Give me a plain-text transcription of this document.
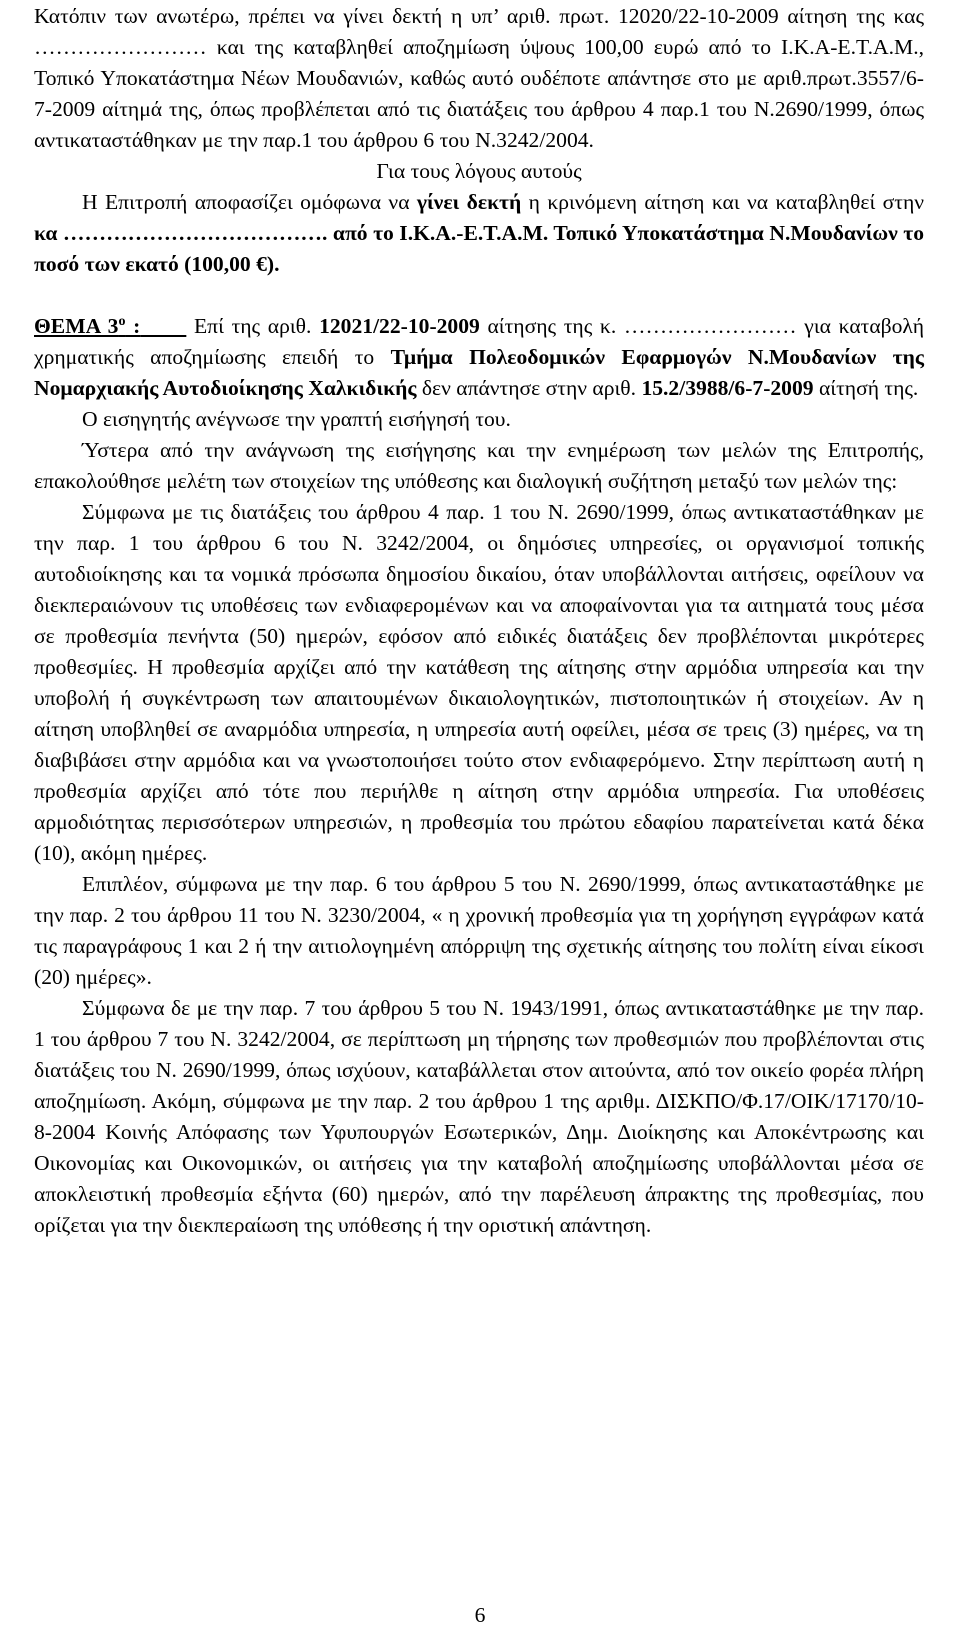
Κατόπιν των ανωτέρω, πρέπει να γίνει δεκτή η υπ’ αριθ. πρωτ. 12020/22-10-2009 αίτηση της κας …………………… και της καταβληθεί αποζημίωση ύψους 100,00 ευρώ από το Ι.Κ.Α-Ε.Τ.Α.Μ., Τοπικό Υποκατάστημα Νέων Μουδανιών, καθώς αυτό ουδέποτε απάντησε στο με αριθ.πρωτ.3557/6-7-2009 αίτημά της, όπως προβλέπεται από τις διατάξεις του άρθρου 4 παρ.1 του Ν.2690/1999, όπως αντικαταστάθηκαν με την παρ.1 του άρθρου 6 του Ν.3242/2004.

Για τους λόγους αυτούς

Η Επιτροπή αποφασίζει ομόφωνα να γίνει δεκτή η κρινόμενη αίτηση και να καταβληθεί στην κα ………………………………. από το Ι.Κ.Α.-Ε.Τ.Α.Μ. Τοπικό Υποκατάστημα Ν.Μουδανίων το ποσό των εκατό (100,00 €).

ΘΕΜΑ $3^o$ :       Επί της αριθ. 12021/22-10-2009 αίτησης της κ. …………………… για καταβολή χρηματικής αποζημίωσης επειδή το Τμήμα Πολεοδομικών Εφαρμογών Ν.Μουδανίων της Νομαρχιακής Αυτοδιοίκησης Χαλκιδικής δεν απάντησε στην αριθ. 15.2/3988/6-7-2009 αίτησή της.

Ο εισηγητής ανέγνωσε την γραπτή εισήγησή του.

Ύστερα από την ανάγνωση της εισήγησης και την ενημέρωση των μελών της Επιτροπής, επακολούθησε μελέτη των στοιχείων της υπόθεσης και διαλογική συζήτηση μεταξύ των μελών της:

Σύμφωνα με τις διατάξεις του άρθρου 4 παρ. 1 του Ν. 2690/1999, όπως αντικαταστάθηκαν με την παρ. 1 του άρθρου 6 του Ν. 3242/2004, οι δημόσιες υπηρεσίες, οι οργανισμοί τοπικής αυτοδιοίκησης και τα νομικά πρόσωπα δημοσίου δικαίου, όταν υποβάλλονται αιτήσεις, οφείλουν να διεκπεραιώνουν τις υποθέσεις των ενδιαφερομένων και να αποφαίνονται για τα αιτηματά τους μέσα σε προθεσμία πενήντα (50) ημερών, εφόσον από ειδικές διατάξεις δεν προβλέπονται μικρότερες προθεσμίες. Η προθεσμία αρχίζει από την κατάθεση της αίτησης στην αρμόδια υπηρεσία και την υποβολή ή συγκέντρωση των απαιτουμένων δικαιολογητικών, πιστοποιητικών ή στοιχείων. Αν η αίτηση υποβληθεί σε αναρμόδια υπηρεσία, η υπηρεσία αυτή οφείλει, μέσα σε τρεις (3) ημέρες, να τη διαβιβάσει στην αρμόδια και να γνωστοποιήσει τούτο στον ενδιαφερόμενο. Στην περίπτωση αυτή η προθεσμία αρχίζει από τότε που περιήλθε η αίτηση στην αρμόδια υπηρεσία. Για υποθέσεις αρμοδιότητας περισσότερων υπηρεσιών, η προθεσμία του πρώτου εδαφίου παρατείνεται κατά δέκα (10), ακόμη ημέρες.

Επιπλέον, σύμφωνα με την παρ. 6 του άρθρου 5 του Ν. 2690/1999, όπως αντικαταστάθηκε με την παρ. 2 του άρθρου 11 του Ν. 3230/2004, « η χρονική προθεσμία για τη χορήγηση εγγράφων κατά τις παραγράφους 1 και 2 ή την αιτιολογημένη απόρριψη της σχετικής αίτησης του πολίτη είναι είκοσι (20) ημέρες».

Σύμφωνα δε με την παρ. 7 του άρθρου 5 του Ν. 1943/1991, όπως αντικαταστάθηκε με την παρ. 1 του άρθρου 7 του Ν. 3242/2004, σε περίπτωση μη τήρησης των προθεσμιών που προβλέπονται στις διατάξεις του Ν. 2690/1999, όπως ισχύουν, καταβάλλεται στον αιτούντα, από τον οικείο φορέα πλήρη αποζημίωση. Ακόμη, σύμφωνα με την παρ. 2 του άρθρου 1 της αριθμ. ΔΙΣΚΠΟ/Φ.17/ΟΙΚ/17170/10-8-2004 Κοινής Απόφασης των Υφυπουργών Εσωτερικών, Δημ. Διοίκησης και Αποκέντρωσης και Οικονομίας και Οικονομικών, οι αιτήσεις για την καταβολή αποζημίωσης υποβάλλονται μέσα σε αποκλειστική προθεσμία εξήντα (60) ημερών, από την παρέλευση άπρακτης της προθεσμίας, που ορίζεται για την διεκπεραίωση της υπόθεσης ή την οριστική απάντηση.

6
